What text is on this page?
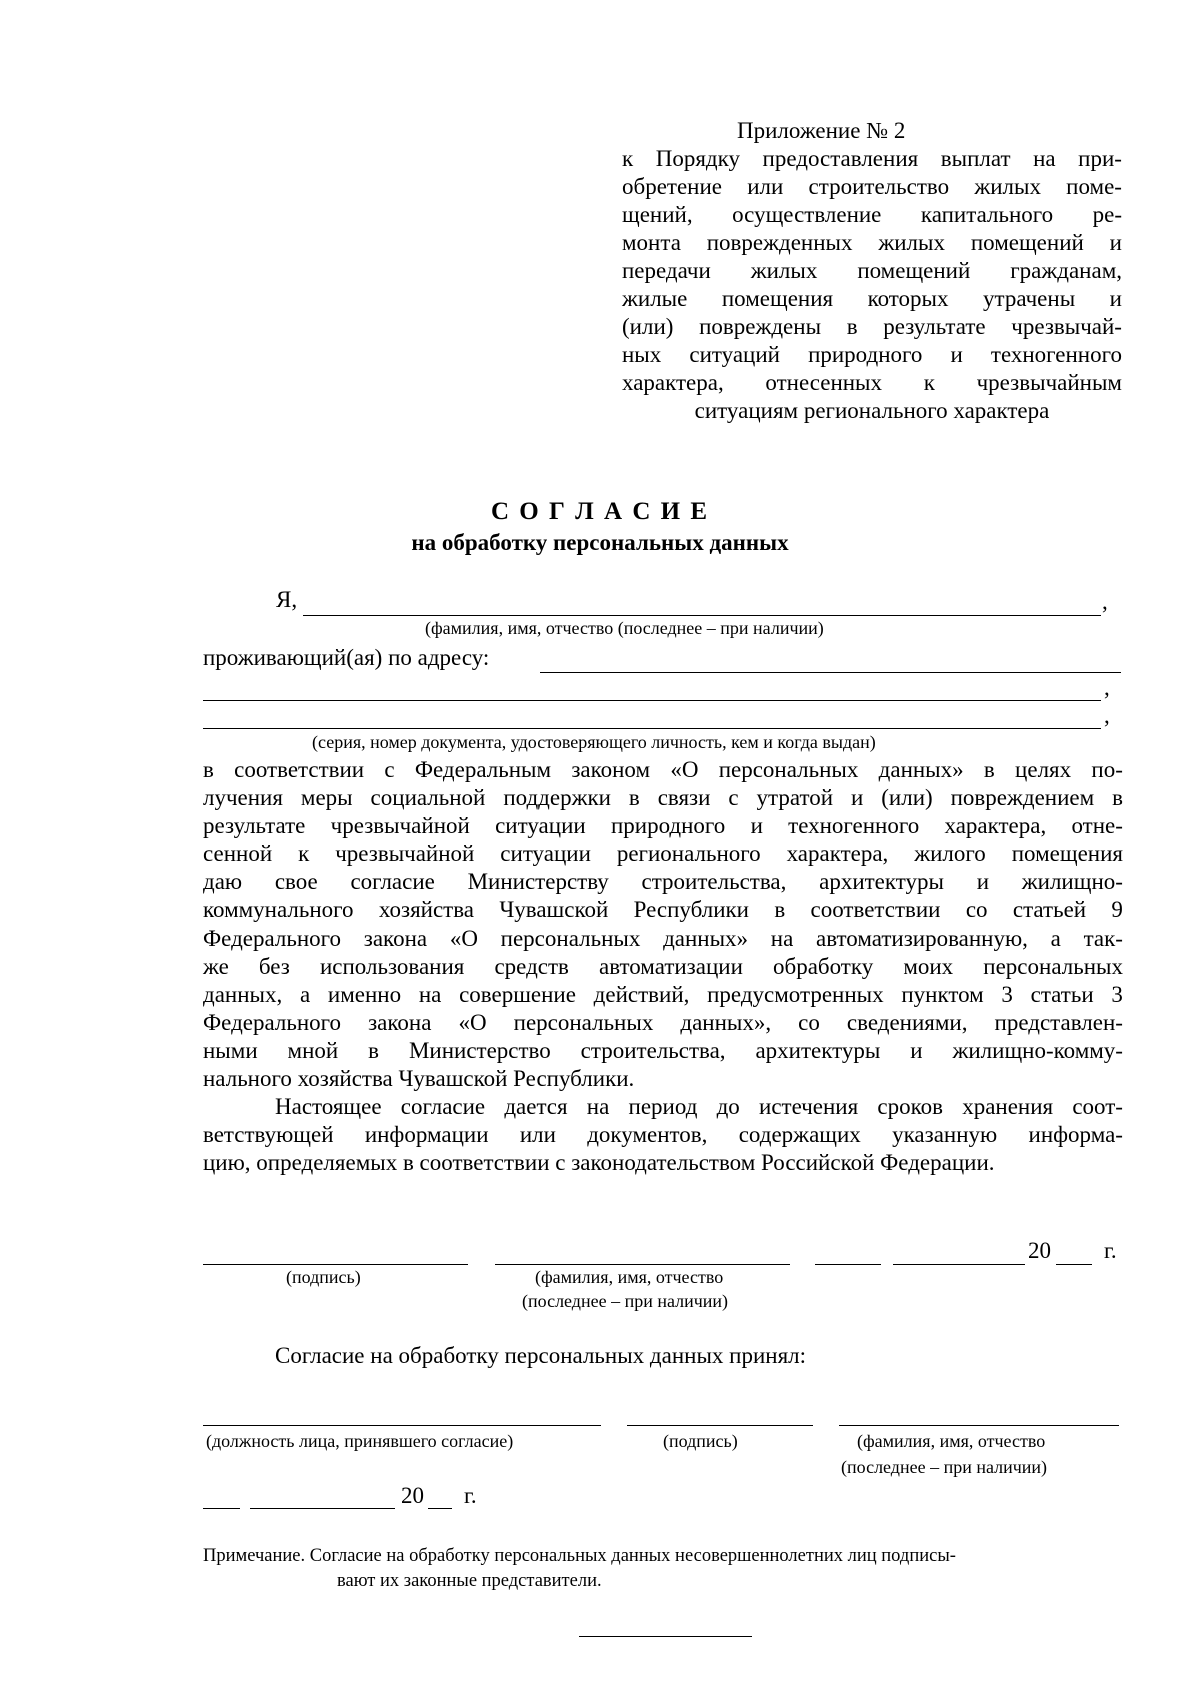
Приложение № 2
к Порядку предоставления выплат на при-
обретение или строительство жилых поме-
щений, осуществление капитального ре-
монта поврежденных жилых помещений и
передачи жилых помещений гражданам,
жилые помещения которых утрачены и
(или) повреждены в результате чрезвычай-
ных ситуаций природного и техногенного
характера, отнесенных к чрезвычайным
ситуациям регионального характера
С О Г Л А С И Е
на обработку персональных данных
Я,	,
(фамилия, имя, отчество (последнее – при наличии)
проживающий(ая) по адресу:
,
,
(серия, номер документа, удостоверяющего личность, кем и когда выдан)
в соответствии с Федеральным законом «О персональных данных» в целях по-
лучения меры социальной поддержки в связи с утратой и (или) повреждением в
результате чрезвычайной ситуации природного и техногенного характера, отне-
сенной к чрезвычайной ситуации регионального характера, жилого помещения
даю свое согласие Министерству строительства, архитектуры и жилищно-
коммунального хозяйства Чувашской Республики в соответствии со статьей 9
Федерального закона «О персональных данных» на автоматизированную, а так-
же без использования средств автоматизации обработку моих персональных
данных, а именно на совершение действий, предусмотренных пунктом 3 статьи 3
Федерального закона «О персональных данных», со сведениями, представлен-
ными мной в Министерство строительства, архитектуры и жилищно-комму-
нального хозяйства Чувашской Республики.
Настоящее согласие дается на период до истечения сроков хранения соот-
ветствующей информации или документов, содержащих указанную информа-
цию, определяемых в соответствии с законодательством Российской Федерации.
20 г.
(подпись)	(фамилия, имя, отчество
(последнее – при наличии)
Согласие на обработку персональных данных принял:
(должность лица, принявшего согласие)	(подпись)	(фамилия, имя, отчество
(последнее – при наличии)
20 г.
Примечание. Согласие на обработку персональных данных несовершеннолетних лиц подписы-
вают их законные представители.
